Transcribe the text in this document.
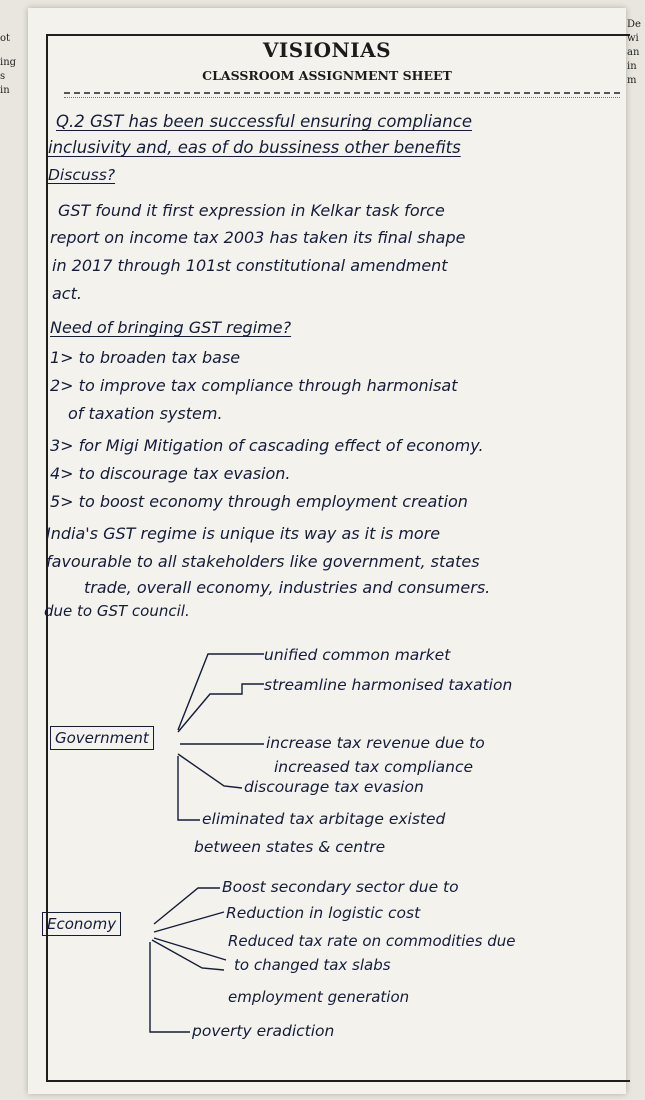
ot
ing
s
in
De
wi
an
in
m
VISIONIAS
CLASSROOM ASSIGNMENT SHEET

Q.2 GST has been successful ensuring compliance

inclusivity and, eas of do bussiness other benefits

Discuss?

GST found it first expression in Kelkar task force

report on income tax 2003 has taken its final shape

in 2017 through 101st constitutional amendment

act.

Need of bringing GST regime?

1> to broaden tax base

2> to improve tax compliance through harmonisat

of taxation system.

3> for Migi Mitigation of cascading effect of economy.

4> to discourage tax evasion.

5> to boost economy through employment creation

India's GST regime is unique its way as it is more

favourable to all stakeholders like government, states

trade, overall economy, industries and consumers.

due to GST council.

unified common market

streamline harmonised taxation

Government	increase tax revenue due to

increased tax compliance

discourage tax evasion

eliminated tax arbitage existed

between states & centre

Boost secondary sector due to

Reduction in logistic cost

Economy

Reduced tax rate on commodities due

to changed tax slabs

employment generation

poverty eradiction
